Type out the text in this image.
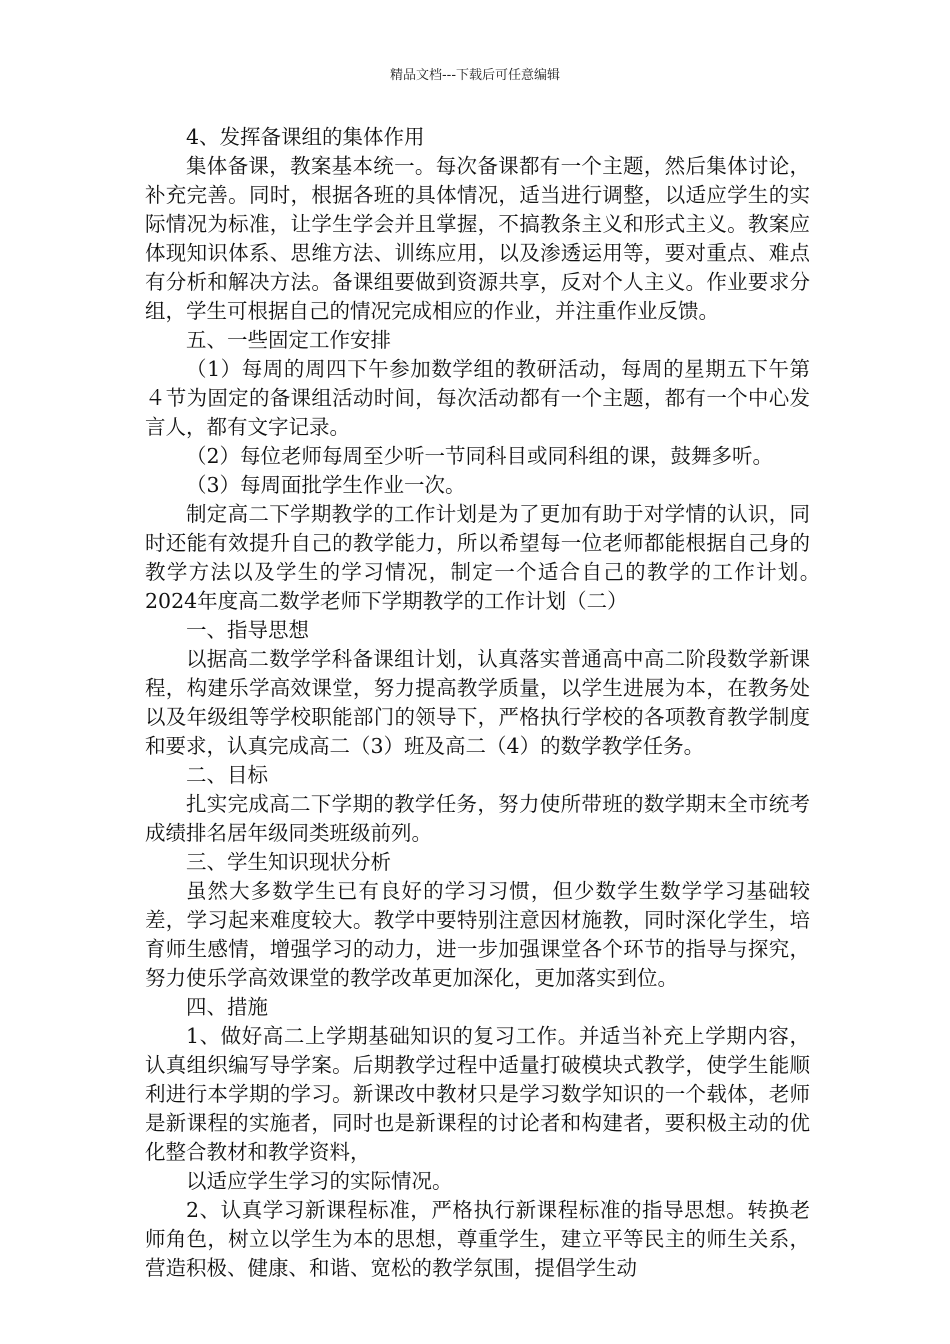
精品文档---下载后可任意编辑

4、发挥备课组的集体作用

集体备课，教案基本统一。每次备课都有一个主题，然后集体讨论，补充完善。同时，根据各班的具体情况，适当进行调整，以适应学生的实际情况为标准，让学生学会并且掌握，不搞教条主义和形式主义。教案应体现知识体系、思维方法、训练应用，以及渗透运用等，要对重点、难点有分析和解决方法。备课组要做到资源共享，反对个人主义。作业要求分组，学生可根据自己的情况完成相应的作业，并注重作业反馈。

五、一些固定工作安排

（1）每周的周四下午参加数学组的教研活动，每周的星期五下午第４节为固定的备课组活动时间，每次活动都有一个主题，都有一个中心发言人，都有文字记录。

（2）每位老师每周至少听一节同科目或同科组的课，鼓舞多听。

（3）每周面批学生作业一次。

制定高二下学期教学的工作计划是为了更加有助于对学情的认识，同时还能有效提升自己的教学能力，所以希望每一位老师都能根据自己身的教学方法以及学生的学习情况，制定一个适合自己的教学的工作计划。　　2024年度高二数学老师下学期教学的工作计划（二）

一、指导思想

以据高二数学学科备课组计划，认真落实普通高中高二阶段数学新课程，构建乐学高效课堂，努力提高教学质量，以学生进展为本，在教务处以及年级组等学校职能部门的领导下，严格执行学校的各项教育教学制度和要求，认真完成高二（3）班及高二（4）的数学教学任务。

二、目标

扎实完成高二下学期的教学任务，努力使所带班的数学期末全市统考成绩排名居年级同类班级前列。

三、学生知识现状分析

虽然大多数学生已有良好的学习习惯，但少数学生数学学习基础较差，学习起来难度较大。教学中要特别注意因材施教，同时深化学生，培育师生感情，增强学习的动力，进一步加强课堂各个环节的指导与探究，努力使乐学高效课堂的教学改革更加深化，更加落实到位。

四、措施

1、做好高二上学期基础知识的复习工作。并适当补充上学期内容，认真组织编写导学案。后期教学过程中适量打破模块式教学，使学生能顺利进行本学期的学习。新课改中教材只是学习数学知识的一个载体，老师是新课程的实施者，同时也是新课程的讨论者和构建者，要积极主动的优化整合教材和教学资料，

以适应学生学习的实际情况。

2、认真学习新课程标准，严格执行新课程标准的指导思想。转换老师角色，树立以学生为本的思想，尊重学生，建立平等民主的师生关系，营造积极、健康、和谐、宽松的教学氛围，提倡学生动
